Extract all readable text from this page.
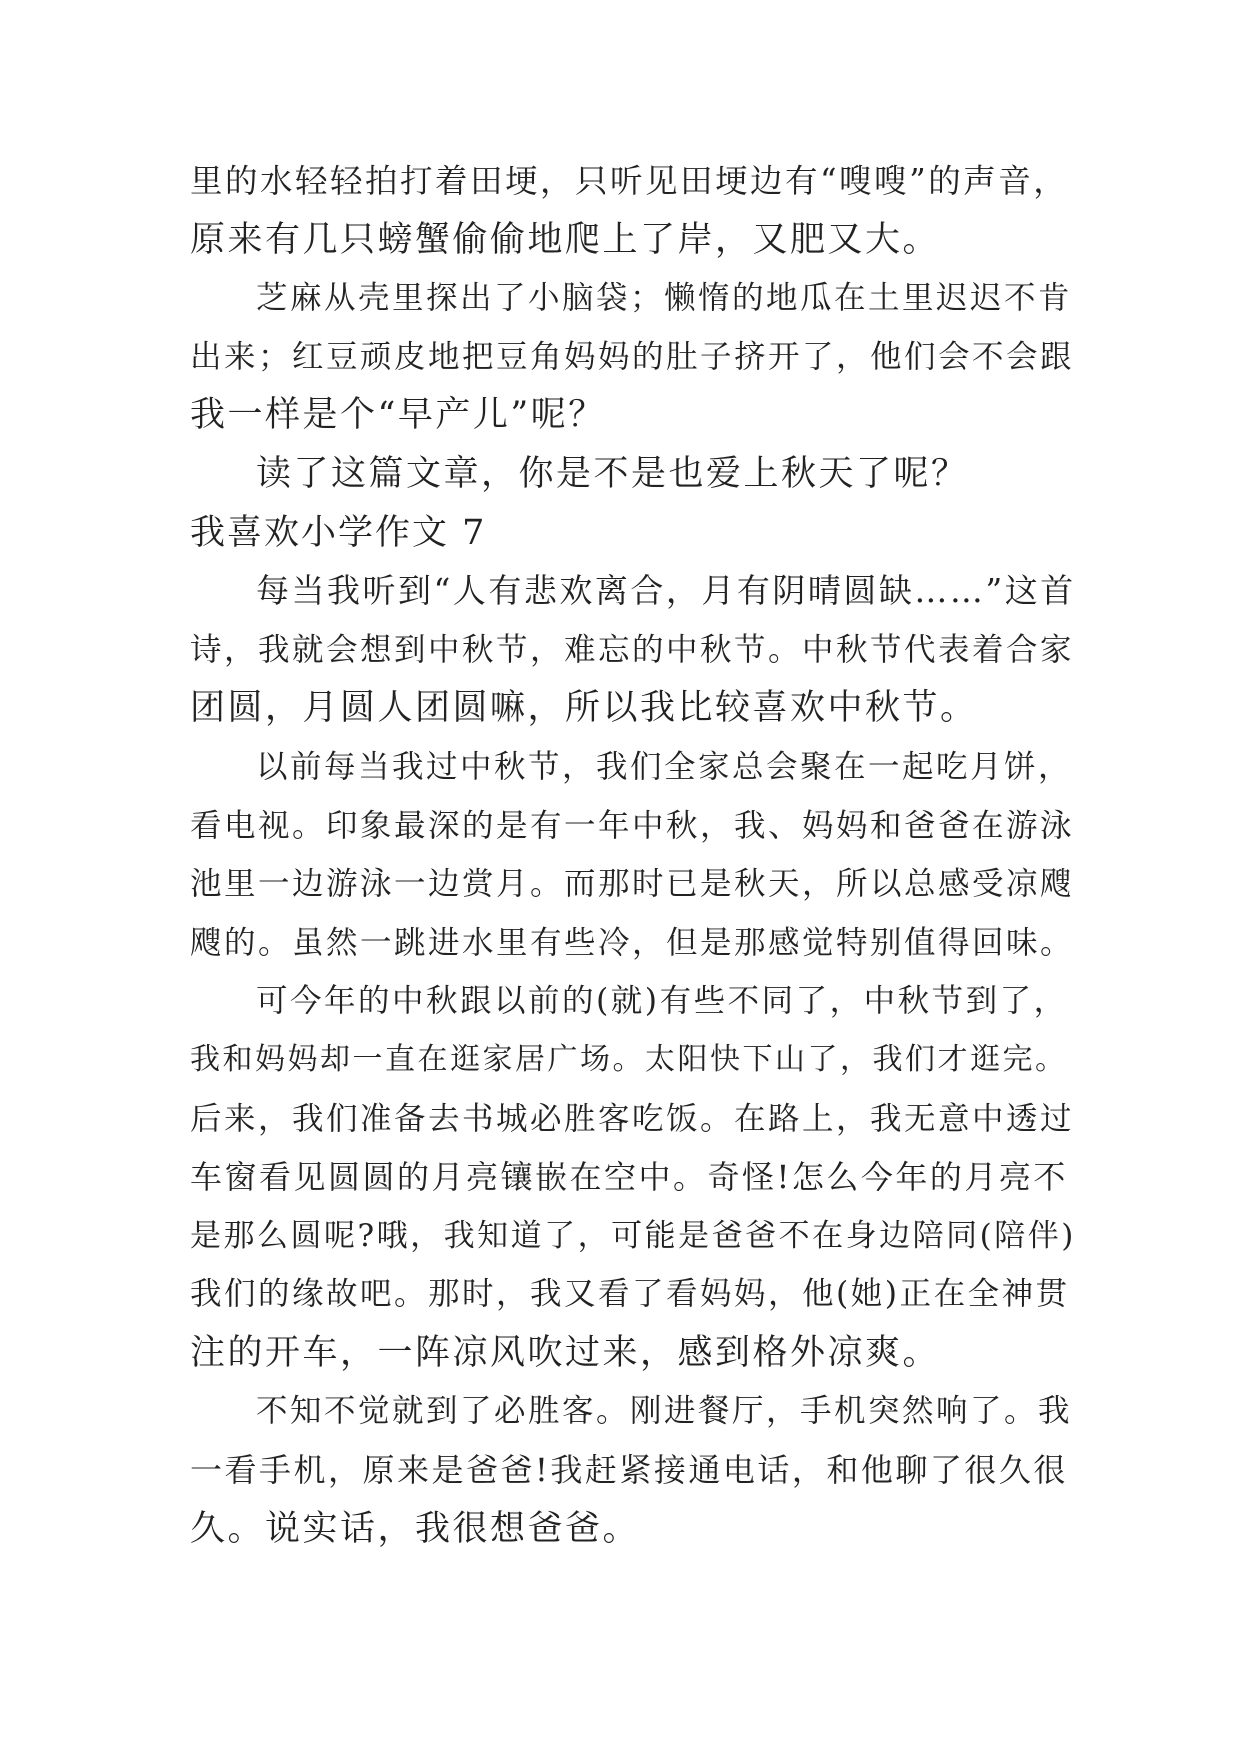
里的水轻轻拍打着田埂，只听见田埂边有“嗖嗖”的声音，
原来有几只螃蟹偷偷地爬上了岸，又肥又大。
芝麻从壳里探出了小脑袋；懒惰的地瓜在土里迟迟不肯
出来；红豆顽皮地把豆角妈妈的肚子挤开了，他们会不会跟
我一样是个“早产儿”呢？
读了这篇文章，你是不是也爱上秋天了呢？
我喜欢小学作文 7
每当我听到“人有悲欢离合，月有阴晴圆缺……”这首
诗，我就会想到中秋节，难忘的中秋节。中秋节代表着合家
团圆，月圆人团圆嘛，所以我比较喜欢中秋节。
以前每当我过中秋节，我们全家总会聚在一起吃月饼，
看电视。印象最深的是有一年中秋，我、妈妈和爸爸在游泳
池里一边游泳一边赏月。而那时已是秋天，所以总感受凉飕
飕的。虽然一跳进水里有些冷，但是那感觉特别值得回味。
可今年的中秋跟以前的(就)有些不同了，中秋节到了，
我和妈妈却一直在逛家居广场。太阳快下山了，我们才逛完。
后来，我们准备去书城必胜客吃饭。在路上，我无意中透过
车窗看见圆圆的月亮镶嵌在空中。奇怪!怎么今年的月亮不
是那么圆呢?哦，我知道了，可能是爸爸不在身边陪同(陪伴)
我们的缘故吧。那时，我又看了看妈妈，他(她)正在全神贯
注的开车，一阵凉风吹过来，感到格外凉爽。
不知不觉就到了必胜客。刚进餐厅，手机突然响了。我
一看手机，原来是爸爸!我赶紧接通电话，和他聊了很久很
久。说实话，我很想爸爸。
